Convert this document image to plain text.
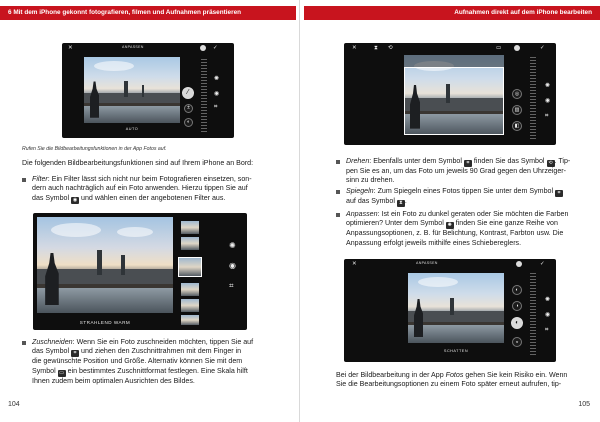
6 Mit dem iPhone gekonnt fotografieren, filmen und Aufnahmen präsentieren
✕	ANPASSEN	✓
AUTO
⁄
±
◐
✺
◉
⌗
Rufen Sie die Bildbearbeitungsfunktionen in der App Fotos auf.
Die folgenden Bildbearbeitungsfunktionen sind auf Ihrem iPhone an Bord:
Filter: Ein Filter lässt sich nicht nur beim Fotografieren einsetzen, son-
dern auch nachträglich auf ein Foto anwenden. Hierzu tippen Sie auf
das Symbol ◉ und wählen einen der angebotenen Filter aus.
STRAHLEND WARM
✺
◉
⌗
Zuschneiden: Wenn Sie ein Foto zuschneiden möchten, tippen Sie auf
das Symbol ⌗ und ziehen den Zuschnittrahmen mit dem Finger in
die gewünschte Position und Größe. Alternativ können Sie mit dem
Symbol ▭ ein bestimmtes Zuschnittformat festlegen. Eine Skala hilft
Ihnen zudem beim optimalen Ausrichten des Bildes.
104
Aufnahmen direkt auf dem iPhone bearbeiten
✕	⧗ ⟲	▭	✓
◎
▥
◧
✺
◉
⌗
Drehen: Ebenfalls unter dem Symbol ⌗ finden Sie das Symbol ⟲ . Tip-
pen Sie es an, um das Foto um jeweils 90 Grad gegen den Uhrzeiger-
sinn zu drehen.
Spiegeln: Zum Spiegeln eines Fotos tippen Sie unter dem Symbol ⌗
auf das Symbol ⧗ .
Anpassen: Ist ein Foto zu dunkel geraten oder Sie möchten die Farben
optimieren? Unter dem Symbol ✺ finden Sie eine ganze Reihe von
Anpassungsoptionen, z. B. für Belichtung, Kontrast, Farbton usw. Die
Anpassung erfolgt jeweils mithilfe eines Schiebereglers.
✕	ANPASSEN	✓
SCHATTEN
◐
◑
◐
◒
✺
◉
⌗
Bei der Bildbearbeitung in der App Fotos gehen Sie kein Risiko ein. Wenn
Sie die Bearbeitungsoptionen zu einem Foto später erneut aufrufen, tip-
105
